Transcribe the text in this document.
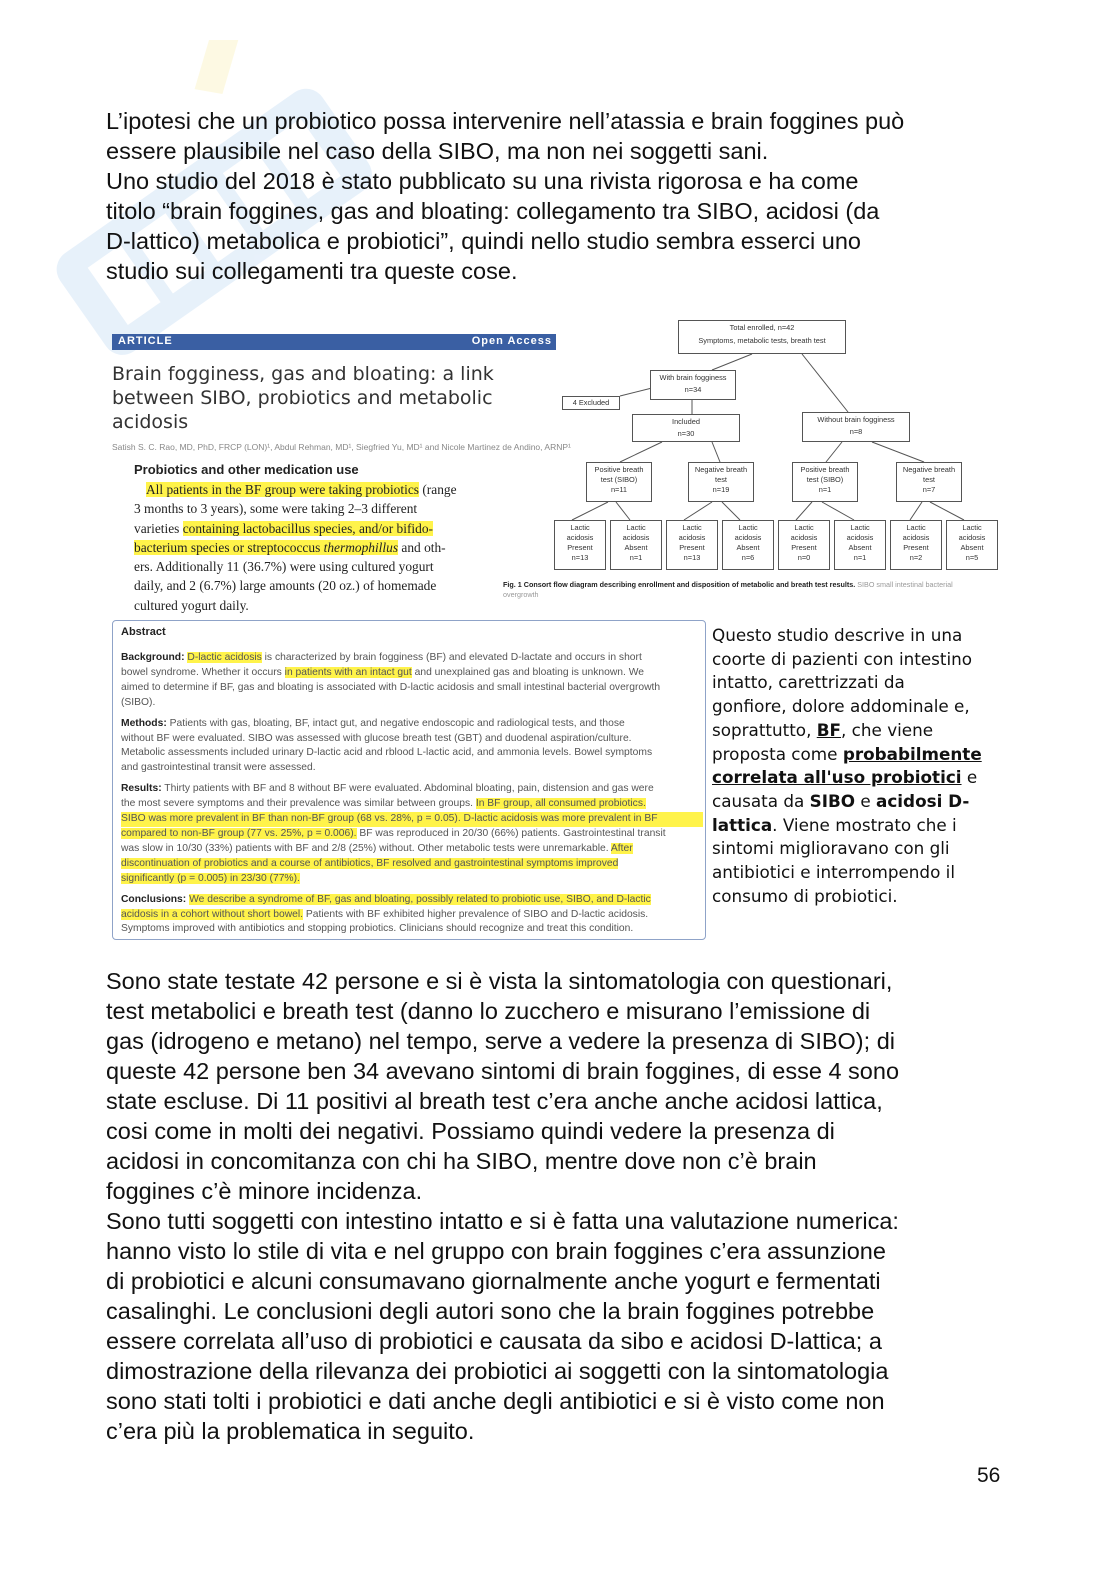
L’ipotesi che un probiotico possa intervenire nell’atassia e brain foggines può
essere plausibile nel caso della SIBO, ma non nei soggetti sani.
Uno studio del 2018 è stato pubblicato su una rivista rigorosa e ha come
titolo “brain foggines, gas and bloating: collegamento tra SIBO, acidosi (da
D-lattico) metabolica e probiotici”, quindi nello studio sembra esserci uno
studio sui collegamenti tra queste cose.

ARTICLE	Open Access
Brain fogginess, gas and bloating: a link between SIBO, probiotics and metabolic acidosis
Satish S. C. Rao, MD, PhD, FRCP (LON)¹, Abdul Rehman, MD¹, Siegfried Yu, MD¹ and Nicole Martinez de Andino, ARNP¹
Probiotics and other medication use
All patients in the BF group were taking probiotics (range
3 months to 3 years), some were taking 2–3 different
varieties containing lactobacillus species, and/or bifido-
bacterium species or streptococcus thermophillus and oth-
ers. Additionally 11 (36.7%) were using cultured yogurt
daily, and 2 (6.7%) large amounts (20 oz.) of homemade
cultured yogurt daily.
Total enrolled, n=42
Symptoms, metabolic tests, breath test
With brain fogginess
n=34
4 Excluded
Included
n=30
Without brain fogginess
n=8
Positive breath
test (SIBO)
n=11
Negative breath
test
n=19
Positive breath
test (SIBO)
n=1
Negative breath
test
n=7
Lactic
acidosis
Present
n=13
Lactic
acidosis
Absent
n=1
Lactic
acidosis
Present
n=13
Lactic
acidosis
Absent
n=6
Lactic
acidosis
Present
n=0
Lactic
acidosis
Absent
n=1
Lactic
acidosis
Present
n=2
Lactic
acidosis
Absent
n=5
Fig. 1 Consort flow diagram describing enrollment and disposition of metabolic and breath test results. SIBO small intestinal bacterial
overgrowth
Abstract
Background: D-lactic acidosis is characterized by brain fogginess (BF) and elevated D-lactate and occurs in short
bowel syndrome. Whether it occurs in patients with an intact gut and unexplained gas and bloating is unknown. We
aimed to determine if BF, gas and bloating is associated with D-lactic acidosis and small intestinal bacterial overgrowth
(SIBO).
Methods: Patients with gas, bloating, BF, intact gut, and negative endoscopic and radiological tests, and those
without BF were evaluated. SIBO was assessed with glucose breath test (GBT) and duodenal aspiration/culture.
Metabolic assessments included urinary D-lactic acid and rblood L-lactic acid, and ammonia levels. Bowel symptoms
and gastrointestinal transit were assessed.
Results: Thirty patients with BF and 8 without BF were evaluated. Abdominal bloating, pain, distension and gas were
the most severe symptoms and their prevalence was similar between groups. In BF group, all consumed probiotics.
SIBO was more prevalent in BF than non-BF group (68 vs. 28%, p = 0.05). D-lactic acidosis was more prevalent in BF
compared to non-BF group (77 vs. 25%, p = 0.006). BF was reproduced in 20/30 (66%) patients. Gastrointestinal transit
was slow in 10/30 (33%) patients with BF and 2/8 (25%) without. Other metabolic tests were unremarkable. After
discontinuation of probiotics and a course of antibiotics, BF resolved and gastrointestinal symptoms improved
significantly (p = 0.005) in 23/30 (77%).
Conclusions: We describe a syndrome of BF, gas and bloating, possibly related to probiotic use, SIBO, and D-lactic
acidosis in a cohort without short bowel. Patients with BF exhibited higher prevalence of SIBO and D-lactic acidosis.
Symptoms improved with antibiotics and stopping probiotics. Clinicians should recognize and treat this condition.
Questo studio descrive in una
coorte di pazienti con intestino
intatto, carettrizzati da
gonfiore, dolore addominale e,
soprattutto, BF, che viene
proposta come probabilmente
correlata all'uso probiotici e
causata da SIBO e acidosi D-
lattica. Viene mostrato che i
sintomi miglioravano con gli
antibiotici e interrompendo il
consumo di probiotici.

Sono state testate 42 persone e si è vista la sintomatologia con questionari,
test metabolici e breath test (danno lo zucchero e misurano l’emissione di
gas (idrogeno e metano) nel tempo, serve a vedere la presenza di SIBO); di
queste 42 persone ben 34 avevano sintomi di brain foggines, di esse 4 sono
state escluse. Di 11 positivi al breath test c’era anche anche acidosi lattica,
cosi come in molti dei negativi. Possiamo quindi vedere la presenza di
acidosi in concomitanza con chi ha SIBO, mentre dove non c’è brain
foggines c’è minore incidenza.
Sono tutti soggetti con intestino intatto e si è fatta una valutazione numerica:
hanno visto lo stile di vita e nel gruppo con brain foggines c’era assunzione
di probiotici e alcuni consumavano giornalmente anche yogurt e fermentati
casalinghi. Le conclusioni degli autori sono che la brain foggines potrebbe
essere correlata all’uso di probiotici e causata da sibo e acidosi D-lattica; a
dimostrazione della rilevanza dei probiotici ai soggetti con la sintomatologia
sono stati tolti i probiotici e dati anche degli antibiotici e si è visto come non
c’era più la problematica in seguito.

56
